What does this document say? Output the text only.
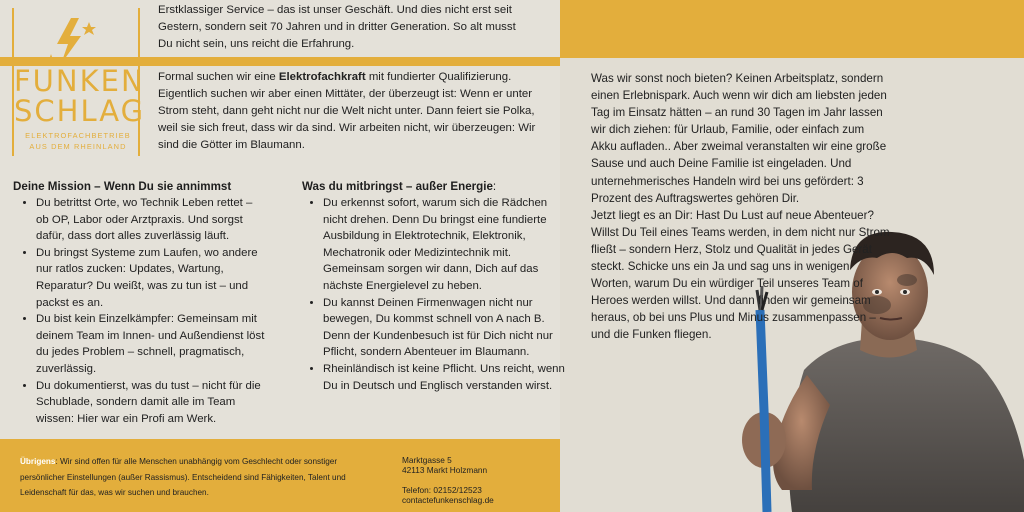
FUNKEN
SCHLAG
ELEKTROFACHBETRIEB
AUS DEM RHEINLAND
Erstklassiger Service – das ist unser Geschäft. Und dies nicht erst seit Gestern, sondern seit 70 Jahren und in dritter Generation. So alt musst Du nicht sein, uns reicht die Erfahrung.
Formal suchen wir eine Elektrofachkraft mit fundierter Qualifizierung.
Eigentlich suchen wir aber einen Mittäter, der überzeugt ist: Wenn er unter Strom steht, dann geht nicht nur die Welt nicht unter. Dann feiert sie Polka, weil sie sich freut, dass wir da sind. Wir arbeiten nicht, wir überzeugen: Wir sind die Götter im Blaumann.
Deine Mission – Wenn Du sie annimmst
• Du betrittst Orte, wo Technik Leben rettet – ob OP, Labor oder Arztpraxis. Und sorgst dafür, dass dort alles zuverlässig läuft.
• Du bringst Systeme zum Laufen, wo andere nur ratlos zucken: Updates, Wartung, Reparatur? Du weißt, was zu tun ist – und packst es an.
• Du bist kein Einzelkämpfer: Gemeinsam mit deinem Team im Innen- und Außendienst löst du jedes Problem – schnell, pragmatisch, zuverlässig.
• Du dokumentierst, was du tust – nicht für die Schublade, sondern damit alle im Team wissen: Hier war ein Profi am Werk.
Was du mitbringst – außer Energie:
• Du erkennst sofort, warum sich die Rädchen nicht drehen. Denn Du bringst eine fundierte Ausbildung in Elektrotechnik, Elektronik, Mechatronik oder Medizintechnik mit. Gemeinsam sorgen wir dann, Dich auf das nächste Energielevel zu heben.
• Du kannst Deinen Firmenwagen nicht nur bewegen, Du kommst schnell von A nach B. Denn der Kundenbesuch ist für Dich nicht nur Pflicht, sondern Abenteuer im Blaumann.
• Rheinländisch ist keine Pflicht. Uns reicht, wenn Du in Deutsch und Englisch verstanden wirst.
Übrigens: Wir sind offen für alle Menschen unabhängig vom Geschlecht oder sonstiger persönlicher Einstellungen (außer Rassismus). Entscheidend sind Fähigkeiten, Talent und Leidenschaft für das, was wir suchen und brauchen.
Marktgasse 5
42113 Markt Holzmann
Telefon: 02152/12523
contactefunkenschlag.de
Was wir sonst noch bieten? Keinen Arbeitsplatz, sondern einen Erlebnispark. Auch wenn wir dich am liebsten jeden Tag im Einsatz hätten – an rund 30 Tagen im Jahr lassen wir dich ziehen: für Urlaub, Familie, oder einfach zum Akku aufladen.. Aber zweimal veranstalten wir eine große Sause und auch Deine Familie ist eingeladen. Und unternehmerisches Handeln wird bei uns gefördert: 3 Prozent des Auftragswertes gehören Dir.
Jetzt liegt es an Dir: Hast Du Lust auf neue Abenteuer? Willst Du Teil eines Teams werden, in dem nicht nur Strom fließt – sondern Herz, Stolz und Qualität in jedes Gerät steckt. Schicke uns ein Ja und sag uns in wenigen Worten, warum Du ein würdiger Teil unseres Team of Heroes werden willst. Und dann finden wir gemeinsam heraus, ob bei uns Plus und Minus zusammenpassen – und die Funken fliegen.
